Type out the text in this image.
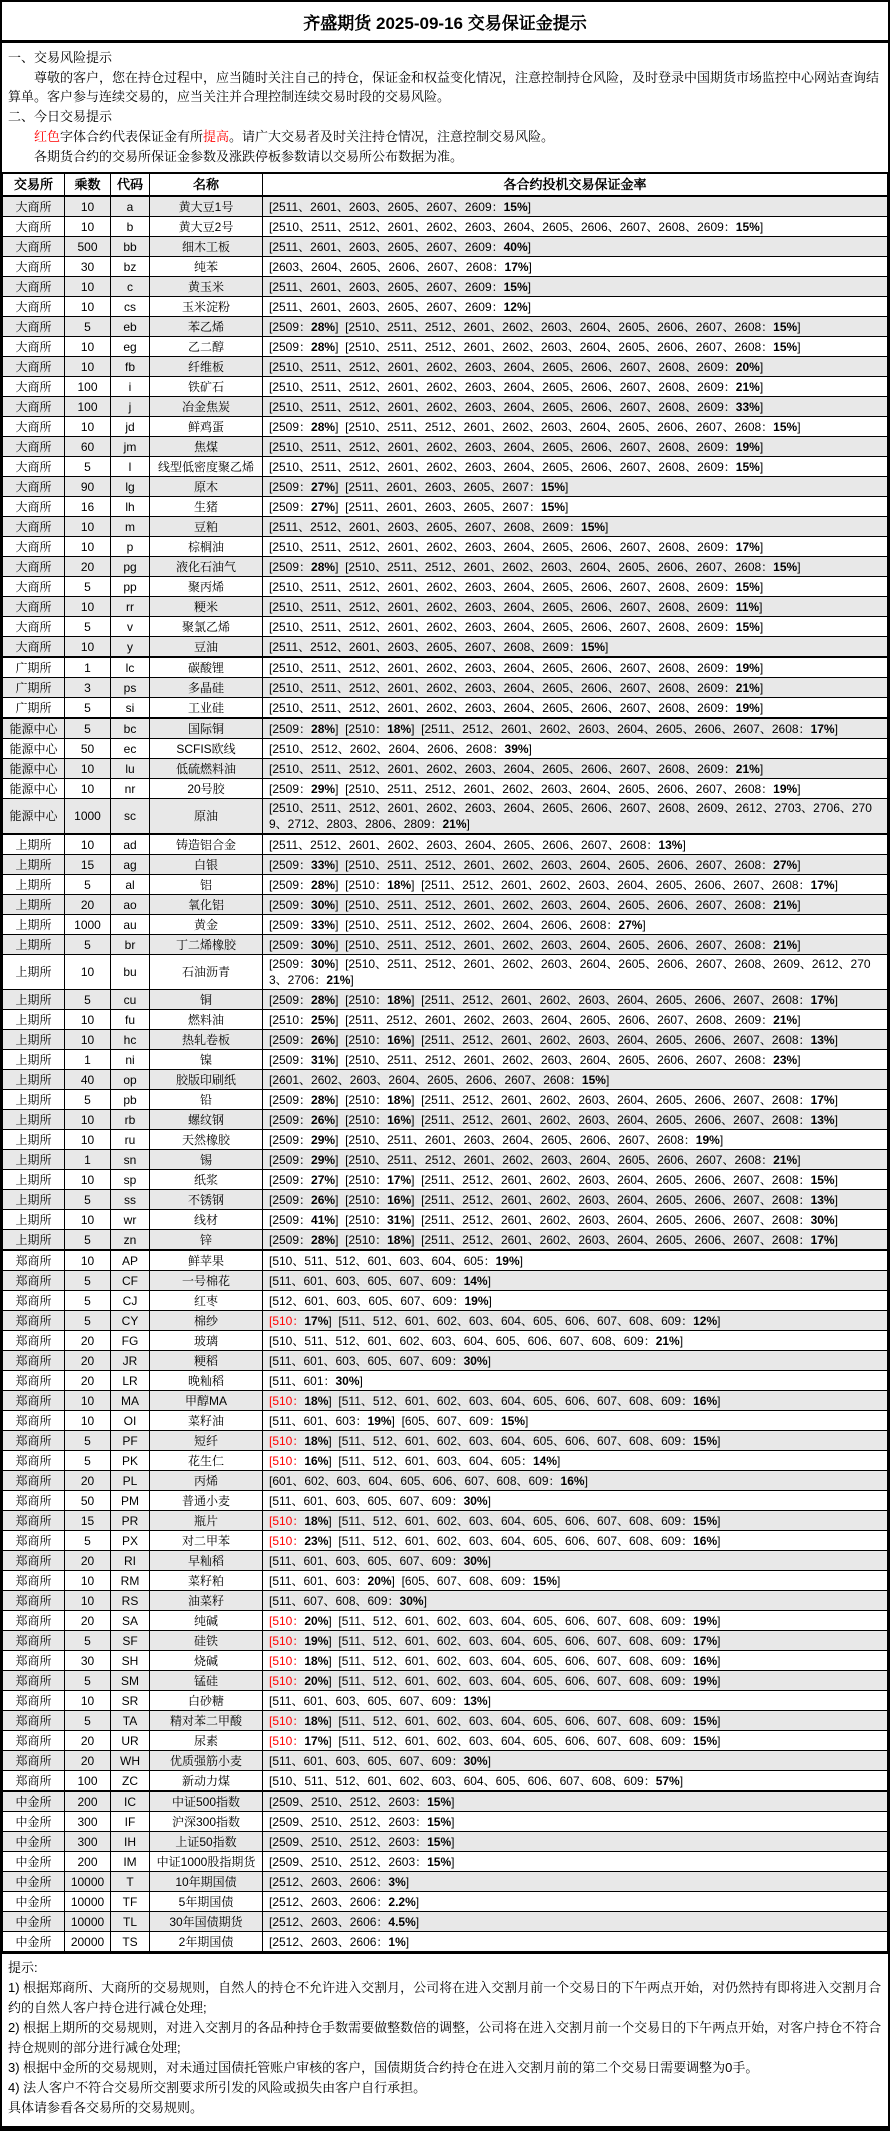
齐盛期货 2025-09-16 交易保证金提示
一、交易风险提示
尊敬的客户，您在持仓过程中，应当随时关注自己的持仓，保证金和权益变化情况，注意控制持仓风险，及时登录中国期货市场监控中心网站查询结算单。客户参与连续交易的，应当关注并合理控制连续交易时段的交易风险。
二、今日交易提示
红色字体合约代表保证金有所提高。请广大交易者及时关注持仓情况，注意控制交易风险。
各期货合约的交易所保证金参数及涨跌停板参数请以交易所公布数据为准。
交易所	乘数	代码	名称	各合约投机交易保证金率
大商所	10	a	黄大豆1号	[2511、2601、2603、2605、2607、2609：15%]
大商所	10	b	黄大豆2号	[2510、2511、2512、2601、2602、2603、2604、2605、2606、2607、2608、2609：15%]
大商所	500	bb	细木工板	[2511、2601、2603、2605、2607、2609：40%]
大商所	30	bz	纯苯	[2603、2604、2605、2606、2607、2608：17%]
大商所	10	c	黄玉米	[2511、2601、2603、2605、2607、2609：15%]
大商所	10	cs	玉米淀粉	[2511、2601、2603、2605、2607、2609：12%]
大商所	5	eb	苯乙烯	[2509：28%] [2510、2511、2512、2601、2602、2603、2604、2605、2606、2607、2608：15%]
大商所	10	eg	乙二醇	[2509：28%] [2510、2511、2512、2601、2602、2603、2604、2605、2606、2607、2608：15%]
大商所	10	fb	纤维板	[2510、2511、2512、2601、2602、2603、2604、2605、2606、2607、2608、2609：20%]
大商所	100	i	铁矿石	[2510、2511、2512、2601、2602、2603、2604、2605、2606、2607、2608、2609：21%]
大商所	100	j	冶金焦炭	[2510、2511、2512、2601、2602、2603、2604、2605、2606、2607、2608、2609：33%]
大商所	10	jd	鲜鸡蛋	[2509：28%] [2510、2511、2512、2601、2602、2603、2604、2605、2606、2607、2608：15%]
大商所	60	jm	焦煤	[2510、2511、2512、2601、2602、2603、2604、2605、2606、2607、2608、2609：19%]
大商所	5	l	线型低密度聚乙烯	[2510、2511、2512、2601、2602、2603、2604、2605、2606、2607、2608、2609：15%]
大商所	90	lg	原木	[2509：27%] [2511、2601、2603、2605、2607：15%]
大商所	16	lh	生猪	[2509：27%] [2511、2601、2603、2605、2607：15%]
大商所	10	m	豆粕	[2511、2512、2601、2603、2605、2607、2608、2609：15%]
大商所	10	p	棕榈油	[2510、2511、2512、2601、2602、2603、2604、2605、2606、2607、2608、2609：17%]
大商所	20	pg	液化石油气	[2509：28%] [2510、2511、2512、2601、2602、2603、2604、2605、2606、2607、2608：15%]
大商所	5	pp	聚丙烯	[2510、2511、2512、2601、2602、2603、2604、2605、2606、2607、2608、2609：15%]
大商所	10	rr	粳米	[2510、2511、2512、2601、2602、2603、2604、2605、2606、2607、2608、2609：11%]
大商所	5	v	聚氯乙烯	[2510、2511、2512、2601、2602、2603、2604、2605、2606、2607、2608、2609：15%]
大商所	10	y	豆油	[2511、2512、2601、2603、2605、2607、2608、2609：15%]
广期所	1	lc	碳酸锂	[2510、2511、2512、2601、2602、2603、2604、2605、2606、2607、2608、2609：19%]
广期所	3	ps	多晶硅	[2510、2511、2512、2601、2602、2603、2604、2605、2606、2607、2608、2609：21%]
广期所	5	si	工业硅	[2510、2511、2512、2601、2602、2603、2604、2605、2606、2607、2608、2609：19%]
能源中心	5	bc	国际铜	[2509：28%] [2510：18%] [2511、2512、2601、2602、2603、2604、2605、2606、2607、2608：17%]
能源中心	50	ec	SCFIS欧线	[2510、2512、2602、2604、2606、2608：39%]
能源中心	10	lu	低硫燃料油	[2510、2511、2512、2601、2602、2603、2604、2605、2606、2607、2608、2609：21%]
能源中心	10	nr	20号胶	[2509：29%] [2510、2511、2512、2601、2602、2603、2604、2605、2606、2607、2608：19%]
能源中心	1000	sc	原油	[2510、2511、2512、2601、2602、2603、2604、2605、2606、2607、2608、2609、2612、2703、2706、2709、2712、2803、2806、2809：21%]
上期所	10	ad	铸造铝合金	[2511、2512、2601、2602、2603、2604、2605、2606、2607、2608：13%]
上期所	15	ag	白银	[2509：33%] [2510、2511、2512、2601、2602、2603、2604、2605、2606、2607、2608：27%]
上期所	5	al	铝	[2509：28%] [2510：18%] [2511、2512、2601、2602、2603、2604、2605、2606、2607、2608：17%]
上期所	20	ao	氧化铝	[2509：30%] [2510、2511、2512、2601、2602、2603、2604、2605、2606、2607、2608：21%]
上期所	1000	au	黄金	[2509：33%] [2510、2511、2512、2602、2604、2606、2608：27%]
上期所	5	br	丁二烯橡胶	[2509：30%] [2510、2511、2512、2601、2602、2603、2604、2605、2606、2607、2608：21%]
上期所	10	bu	石油沥青	[2509：30%] [2510、2511、2512、2601、2602、2603、2604、2605、2606、2607、2608、2609、2612、2703、2706：21%]
上期所	5	cu	铜	[2509：28%] [2510：18%] [2511、2512、2601、2602、2603、2604、2605、2606、2607、2608：17%]
上期所	10	fu	燃料油	[2510：25%] [2511、2512、2601、2602、2603、2604、2605、2606、2607、2608、2609：21%]
上期所	10	hc	热轧卷板	[2509：26%] [2510：16%] [2511、2512、2601、2602、2603、2604、2605、2606、2607、2608：13%]
上期所	1	ni	镍	[2509：31%] [2510、2511、2512、2601、2602、2603、2604、2605、2606、2607、2608：23%]
上期所	40	op	胶版印刷纸	[2601、2602、2603、2604、2605、2606、2607、2608：15%]
上期所	5	pb	铅	[2509：28%] [2510：18%] [2511、2512、2601、2602、2603、2604、2605、2606、2607、2608：17%]
上期所	10	rb	螺纹钢	[2509：26%] [2510：16%] [2511、2512、2601、2602、2603、2604、2605、2606、2607、2608：13%]
上期所	10	ru	天然橡胶	[2509：29%] [2510、2511、2601、2603、2604、2605、2606、2607、2608：19%]
上期所	1	sn	锡	[2509：29%] [2510、2511、2512、2601、2602、2603、2604、2605、2606、2607、2608：21%]
上期所	10	sp	纸浆	[2509：27%] [2510：17%] [2511、2512、2601、2602、2603、2604、2605、2606、2607、2608：15%]
上期所	5	ss	不锈钢	[2509：26%] [2510：16%] [2511、2512、2601、2602、2603、2604、2605、2606、2607、2608：13%]
上期所	10	wr	线材	[2509：41%] [2510：31%] [2511、2512、2601、2602、2603、2604、2605、2606、2607、2608：30%]
上期所	5	zn	锌	[2509：28%] [2510：18%] [2511、2512、2601、2602、2603、2604、2605、2606、2607、2608：17%]
郑商所	10	AP	鲜苹果	[510、511、512、601、603、604、605：19%]
郑商所	5	CF	一号棉花	[511、601、603、605、607、609：14%]
郑商所	5	CJ	红枣	[512、601、603、605、607、609：19%]
郑商所	5	CY	棉纱	[510：17%] [511、512、601、602、603、604、605、606、607、608、609：12%]
郑商所	20	FG	玻璃	[510、511、512、601、602、603、604、605、606、607、608、609：21%]
郑商所	20	JR	粳稻	[511、601、603、605、607、609：30%]
郑商所	20	LR	晚籼稻	[511、601：30%]
郑商所	10	MA	甲醇MA	[510：18%] [511、512、601、602、603、604、605、606、607、608、609：16%]
郑商所	10	OI	菜籽油	[511、601、603：19%] [605、607、609：15%]
郑商所	5	PF	短纤	[510：18%] [511、512、601、602、603、604、605、606、607、608、609：15%]
郑商所	5	PK	花生仁	[510：16%] [511、512、601、603、604、605：14%]
郑商所	20	PL	丙烯	[601、602、603、604、605、606、607、608、609：16%]
郑商所	50	PM	普通小麦	[511、601、603、605、607、609：30%]
郑商所	15	PR	瓶片	[510：18%] [511、512、601、602、603、604、605、606、607、608、609：15%]
郑商所	5	PX	对二甲苯	[510：23%] [511、512、601、602、603、604、605、606、607、608、609：16%]
郑商所	20	RI	早籼稻	[511、601、603、605、607、609：30%]
郑商所	10	RM	菜籽粕	[511、601、603：20%] [605、607、608、609：15%]
郑商所	10	RS	油菜籽	[511、607、608、609：30%]
郑商所	20	SA	纯碱	[510：20%] [511、512、601、602、603、604、605、606、607、608、609：19%]
郑商所	5	SF	硅铁	[510：19%] [511、512、601、602、603、604、605、606、607、608、609：17%]
郑商所	30	SH	烧碱	[510：18%] [511、512、601、602、603、604、605、606、607、608、609：16%]
郑商所	5	SM	锰硅	[510：20%] [511、512、601、602、603、604、605、606、607、608、609：19%]
郑商所	10	SR	白砂糖	[511、601、603、605、607、609：13%]
郑商所	5	TA	精对苯二甲酸	[510：18%] [511、512、601、602、603、604、605、606、607、608、609：15%]
郑商所	20	UR	尿素	[510：17%] [511、512、601、602、603、604、605、606、607、608、609：15%]
郑商所	20	WH	优质强筋小麦	[511、601、603、605、607、609：30%]
郑商所	100	ZC	新动力煤	[510、511、512、601、602、603、604、605、606、607、608、609：57%]
中金所	200	IC	中证500指数	[2509、2510、2512、2603：15%]
中金所	300	IF	沪深300指数	[2509、2510、2512、2603：15%]
中金所	300	IH	上证50指数	[2509、2510、2512、2603：15%]
中金所	200	IM	中证1000股指期货	[2509、2510、2512、2603：15%]
中金所	10000	T	10年期国债	[2512、2603、2606：3%]
中金所	10000	TF	5年期国债	[2512、2603、2606：2.2%]
中金所	10000	TL	30年国债期货	[2512、2603、2606：4.5%]
中金所	20000	TS	2年期国债	[2512、2603、2606：1%]
提示:
1) 根据郑商所、大商所的交易规则，自然人的持仓不允许进入交割月，公司将在进入交割月前一个交易日的下午两点开始，对仍然持有即将进入交割月合约的自然人客户持仓进行减仓处理;
2) 根据上期所的交易规则，对进入交割月的各品种持仓手数需要做整数倍的调整，公司将在进入交割月前一个交易日的下午两点开始，对客户持仓不符合持仓规则的部分进行减仓处理;
3) 根据中金所的交易规则，对未通过国债托管账户审核的客户，国债期货合约持仓在进入交割月前的第二个交易日需要调整为0手。
4) 法人客户不符合交易所交割要求所引发的风险或损失由客户自行承担。
具体请参看各交易所的交易规则。
